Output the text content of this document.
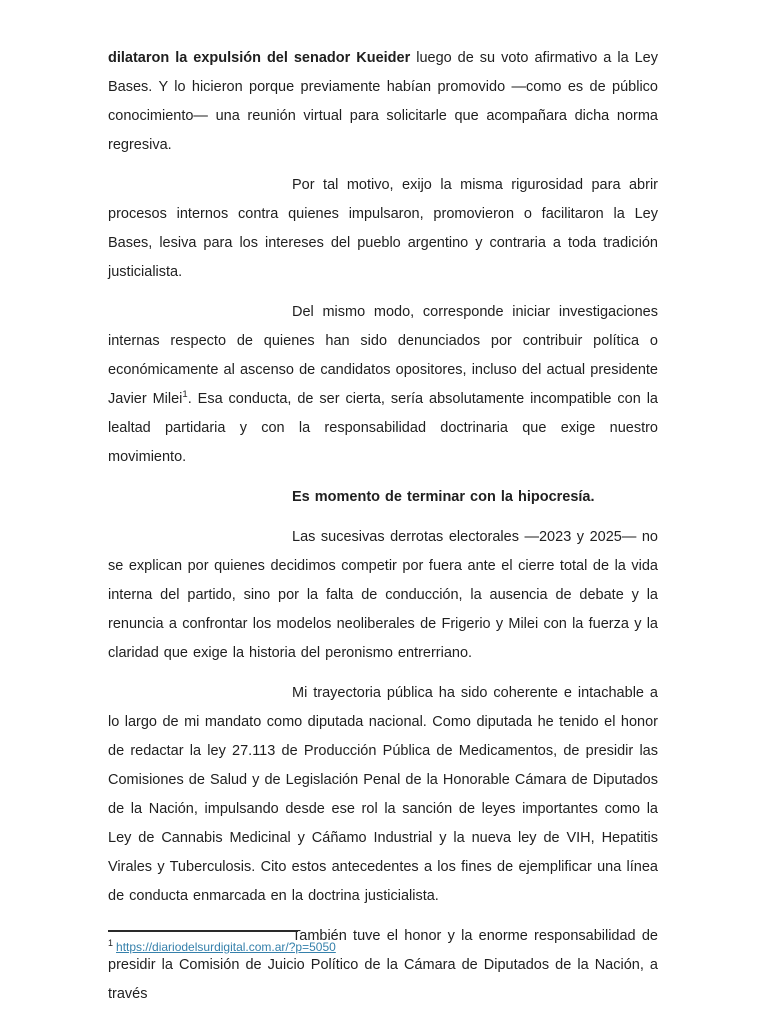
dilataron la expulsión del senador Kueider luego de su voto afirmativo a la Ley Bases. Y lo hicieron porque previamente habían promovido —como es de público conocimiento— una reunión virtual para solicitarle que acompañara dicha norma regresiva.

Por tal motivo, exijo la misma rigurosidad para abrir procesos internos contra quienes impulsaron, promovieron o facilitaron la Ley Bases, lesiva para los intereses del pueblo argentino y contraria a toda tradición justicialista.

Del mismo modo, corresponde iniciar investigaciones internas respecto de quienes han sido denunciados por contribuir política o económicamente al ascenso de candidatos opositores, incluso del actual presidente Javier Milei$^1$. Esa conducta, de ser cierta, sería absolutamente incompatible con la lealtad partidaria y con la responsabilidad doctrinaria que exige nuestro movimiento.

Es momento de terminar con la hipocresía.

Las sucesivas derrotas electorales —2023 y 2025— no se explican por quienes decidimos competir por fuera ante el cierre total de la vida interna del partido, sino por la falta de conducción, la ausencia de debate y la renuncia a confrontar los modelos neoliberales de Frigerio y Milei con la fuerza y la claridad que exige la historia del peronismo entrerriano.

Mi trayectoria pública ha sido coherente e intachable a lo largo de mi mandato como diputada nacional. Como diputada he tenido el honor de redactar la ley 27.113 de Producción Pública de Medicamentos, de presidir las Comisiones de Salud y de Legislación Penal de la Honorable Cámara de Diputados de la Nación, impulsando desde ese rol la sanción de leyes importantes como la Ley de Cannabis Medicinal y Cáñamo Industrial y la nueva ley de VIH, Hepatitis Virales y Tuberculosis. Cito estos antecedentes a los fines de ejemplificar una línea de conducta enmarcada en la doctrina justicialista.

También tuve el honor y la enorme responsabilidad de presidir la Comisión de Juicio Político de la Cámara de Diputados de la Nación, a través

$^1$ https://diariodelsurdigital.com.ar/?p=5050
